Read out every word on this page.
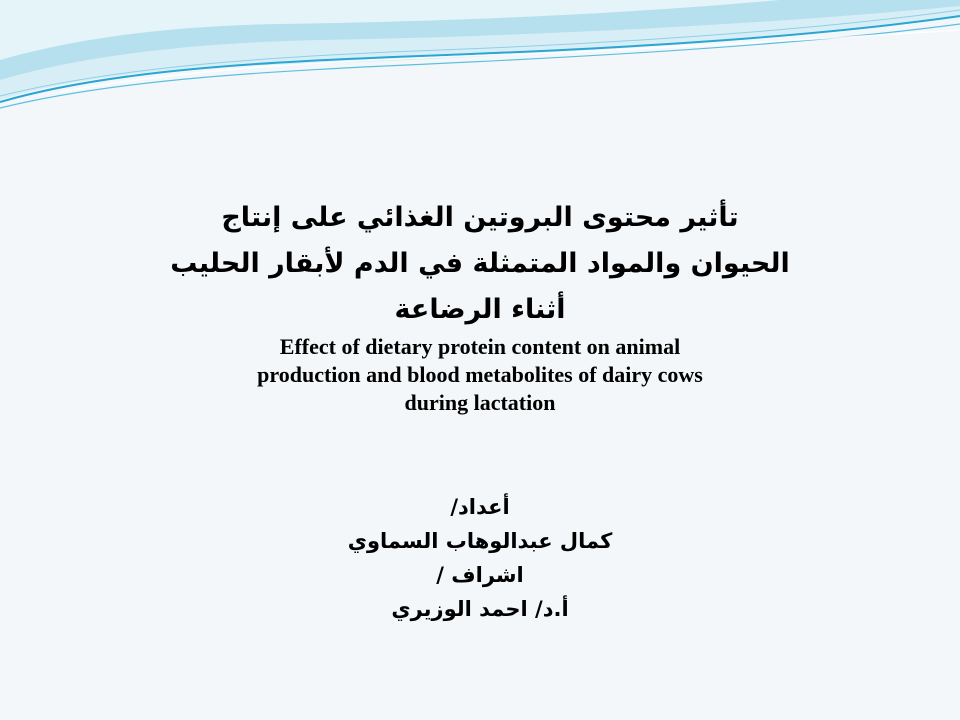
تأثير محتوى البروتين الغذائي على إنتاج

الحيوان والمواد المتمثلة في الدم لأبقار الحليب

أثناء الرضاعة

Effect of dietary protein content on animal

production and blood metabolites of dairy cows

during lactation

أعداد/

كمال عبدالوهاب السماوي

اشراف /

أ.د/ احمد الوزيري
